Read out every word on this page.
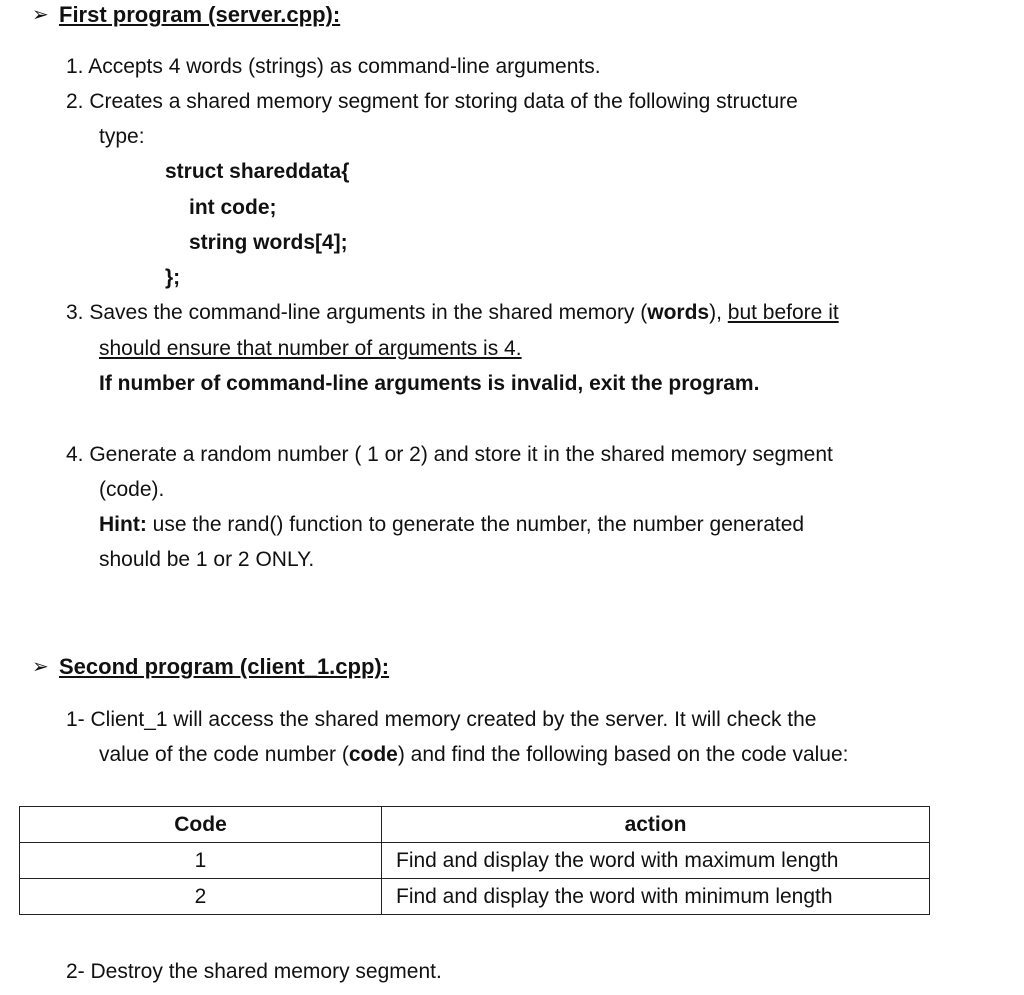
➢ First program (server.cpp):
1. Accepts 4 words (strings) as command-line arguments.
2. Creates a shared memory segment for storing data of the following structure
type:
struct shareddata{
int code;
string words[4];
};
3. Saves the command-line arguments in the shared memory (words), but before it
should ensure that number of arguments is 4.
If number of command-line arguments is invalid, exit the program.
4. Generate a random number ( 1 or 2) and store it in the shared memory segment
(code).
Hint: use the rand() function to generate the number, the number generated
should be 1 or 2 ONLY.
➢ Second program (client_1.cpp):
1- Client_1 will access the shared memory created by the server. It will check the
value of the code number (code) and find the following based on the code value:
Code	action
1	Find and display the word with maximum length
2	Find and display the word with minimum length
2- Destroy the shared memory segment.
